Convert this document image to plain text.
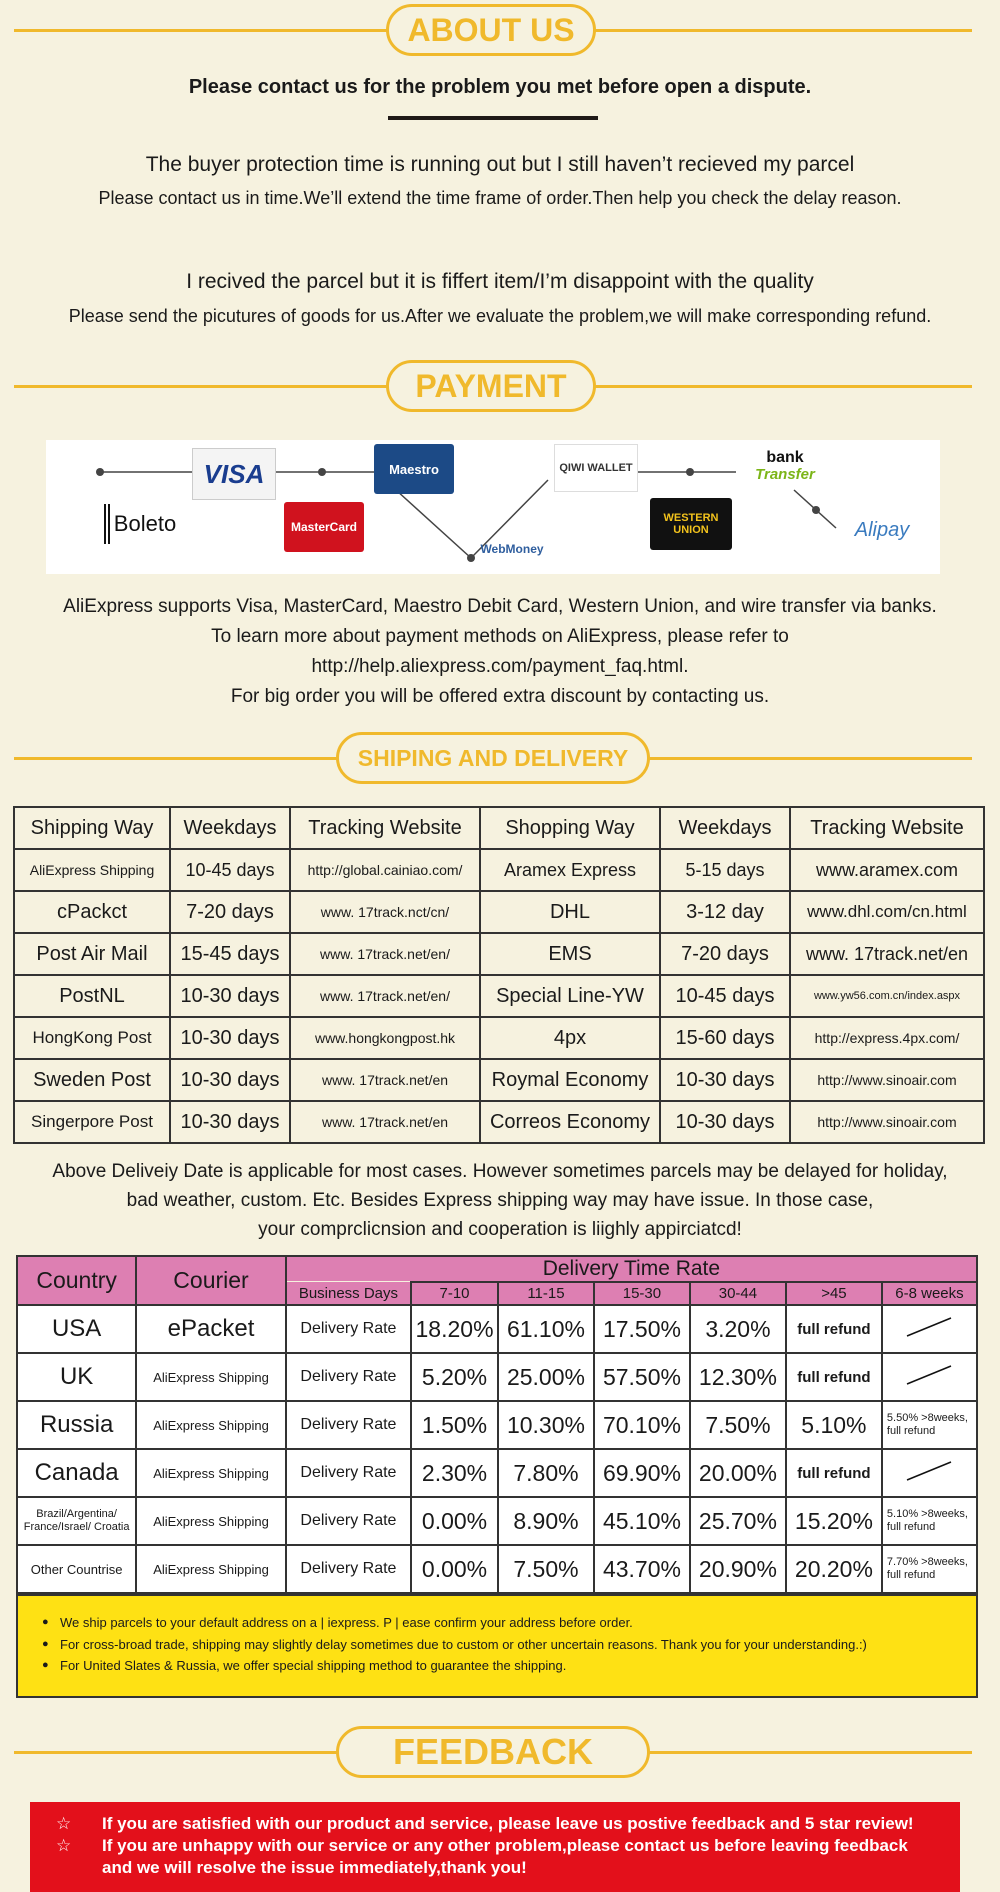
ABOUT US
Please contact us for the problem you met before open a dispute.
The buyer protection time is running out but I still haven’t recieved my parcel
Please contact us in time.We’ll extend the time frame of order.Then help you check the delay reason.
I recived the parcel but it is fiffert item/I’m disappoint with the quality
Please send the picutures of goods for us.After we evaluate the problem,we will make corresponding refund.
PAYMENT
VISA
Boleto
Maestro
MasterCard
WebMoney
QIWI WALLET
WESTERN UNION
bank
Transfer
Alipay
AliExpress supports Visa, MasterCard, Maestro Debit Card, Western Union, and wire transfer via banks.
To learn more about payment methods on AliExpress, please refer to
http://help.aliexpress.com/payment_faq.html.
For big order you will be offered extra discount by contacting us.
SHIPING AND DELIVERY
Shipping Way	Weekdays	Tracking Website	Shopping Way	Weekdays	Tracking Website
AliExpress Shipping	10-45 days	http://global.cainiao.com/	Aramex Express	5-15 days	www.aramex.com
cPackct	7-20 days	www. 17track.nct/cn/	DHL	3-12 day	www.dhl.com/cn.html
Post Air Mail	15-45 days	www. 17track.net/en/	EMS	7-20 days	www. 17track.net/en
PostNL	10-30 days	www. 17track.net/en/	Special Line-YW	10-45 days	www.yw56.com.cn/index.aspx
HongKong Post	10-30 days	www.hongkongpost.hk	4px	15-60 days	http://express.4px.com/
Sweden Post	10-30 days	www. 17track.net/en	Roymal Economy	10-30 days	http://www.sinoair.com
Singerpore Post	10-30 days	www. 17track.net/en	Correos Economy	10-30 days	http://www.sinoair.com
Above Deliveiy Date is applicable for most cases. However sometimes parcels may be delayed for holiday,
bad weather, custom. Etc. Besides Express shipping way may have issue. In those case,
your comprclicnsion and cooperation is liighly appirciatcd!
Country	Courier	Delivery Time Rate						
		Business Days	7-10	11-15	15-30	30-44	>45	6-8 weeks
USA	ePacket	Delivery Rate	18.20%	61.10%	17.50%	3.20%	full refund	
UK	AliExpress Shipping	Delivery Rate	5.20%	25.00%	57.50%	12.30%	full refund	
Russia	AliExpress Shipping	Delivery Rate	1.50%	10.30%	70.10%	7.50%	5.10%	5.50% >8weeks, full refund
Canada	AliExpress Shipping	Delivery Rate	2.30%	7.80%	69.90%	20.00%	full refund	
Brazil/Argentina/ France/Israel/ Croatia	AliExpress Shipping	Delivery Rate	0.00%	8.90%	45.10%	25.70%	15.20%	5.10% >8weeks, full refund
Other Countrise	AliExpress Shipping	Delivery Rate	0.00%	7.50%	43.70%	20.90%	20.20%	7.70% >8weeks, full refund
● We ship parcels to your default address on a | iexpress. P | ease confirm your address before order.
● For cross-broad trade, shipping may slightly delay sometimes due to custom or other uncertain reasons. Thank you for your understanding.:)
● For United Slates & Russia, we offer special shipping method to guarantee the shipping.
FEEDBACK
☆ If you are satisfied with our product and service, please leave us postive feedback and 5 star review!
☆ If you are unhappy with our service or any other problem,please contact us before leaving feedback
and we will resolve the issue immediately,thank you!
